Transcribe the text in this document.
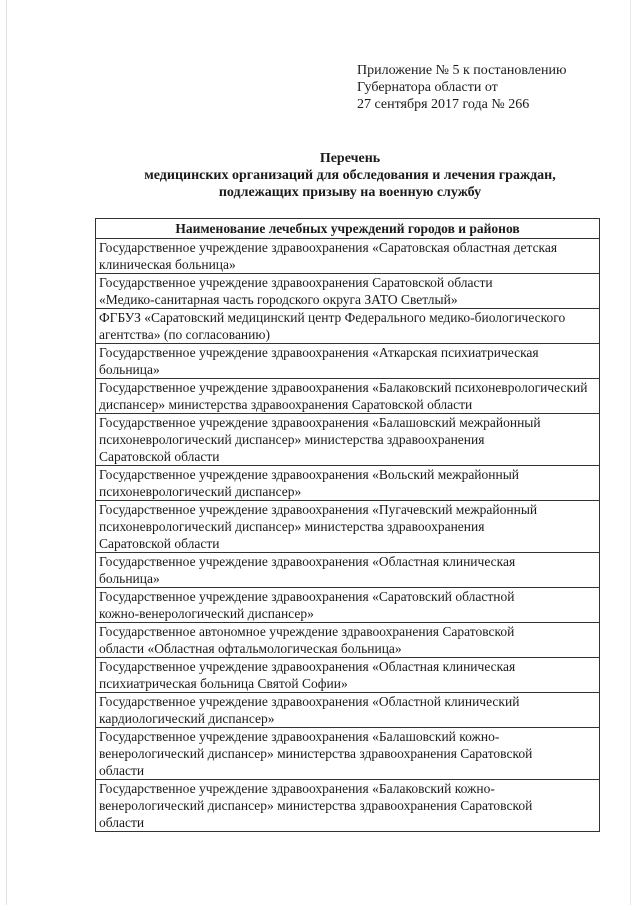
Приложение № 5 к постановлению
Губернатора области от
27 сентября 2017 года № 266
Перечень
медицинских организаций для обследования и лечения граждан,
подлежащих призыву на военную службу
Наименование лечебных учреждений городов и районов

Государственное учреждение здравоохранения «Саратовская областная детская
клиническая больница»

Государственное учреждение здравоохранения Саратовской области
«Медико-санитарная часть городского округа ЗАТО Светлый»

ФГБУЗ «Саратовский медицинский центр Федерального медико-биологического
агентства» (по согласованию)

Государственное учреждение здравоохранения «Аткарская психиатрическая
больница»

Государственное учреждение здравоохранения «Балаковский психоневрологический
диспансер» министерства здравоохранения Саратовской области

Государственное учреждение здравоохранения «Балашовский межрайонный
психоневрологический диспансер» министерства здравоохранения
Саратовской области

Государственное учреждение здравоохранения «Вольский межрайонный
психоневрологический диспансер»

Государственное учреждение здравоохранения «Пугачевский межрайонный
психоневрологический диспансер» министерства здравоохранения
Саратовской области

Государственное учреждение здравоохранения «Областная клиническая
больница»

Государственное учреждение здравоохранения «Саратовский областной
кожно-венерологический диспансер»

Государственное автономное учреждение здравоохранения Саратовской
области «Областная офтальмологическая больница»

Государственное учреждение здравоохранения «Областная клиническая
психиатрическая больница Святой Софии»

Государственное учреждение здравоохранения «Областной клинический
кардиологический диспансер»

Государственное учреждение здравоохранения «Балашовский кожно-
венерологический диспансер» министерства здравоохранения Саратовской
области

Государственное учреждение здравоохранения «Балаковский кожно-
венерологический диспансер» министерства здравоохранения Саратовской
области
